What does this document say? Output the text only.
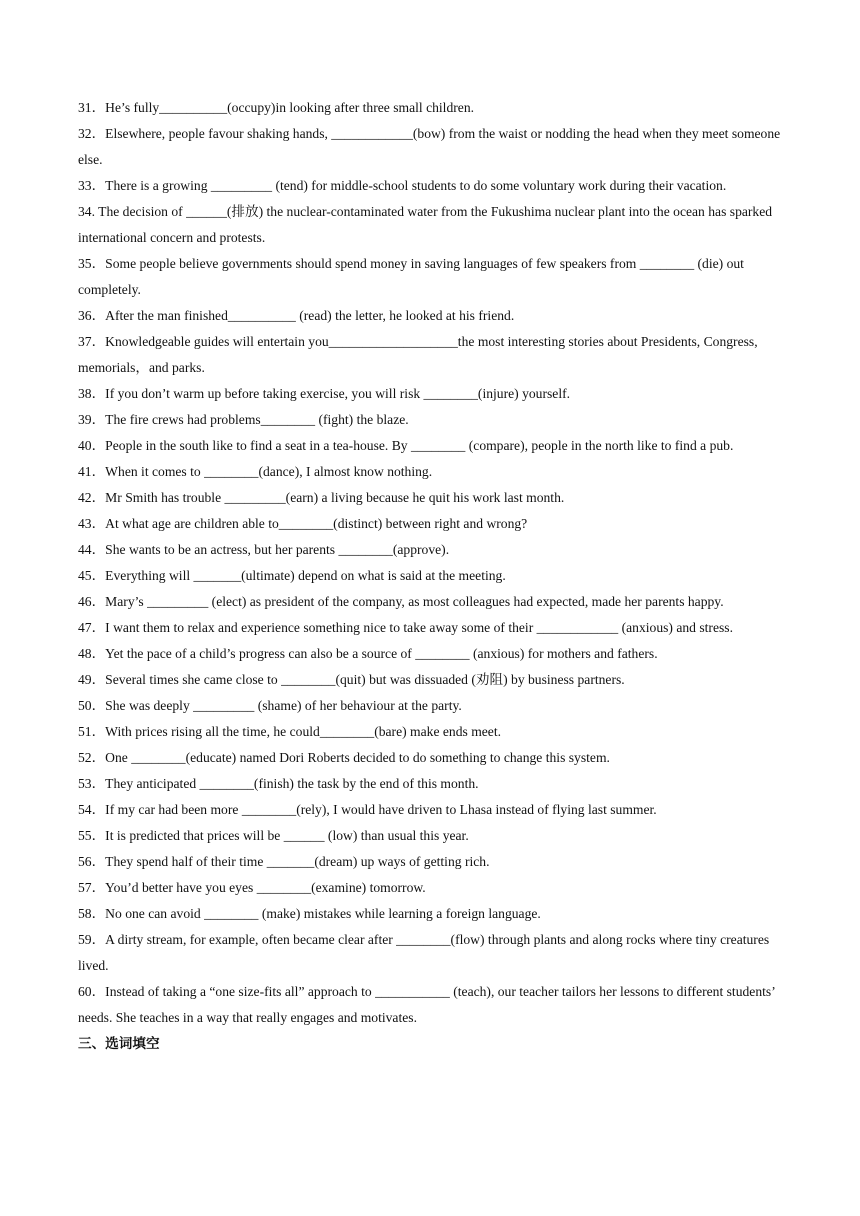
31．He’s fully__________(occupy)in looking after three small children.

32．Elsewhere, people favour shaking hands, ____________(bow) from the waist or nodding the head when they meet someone else.

33．There is a growing _________ (tend) for middle-school students to do some voluntary work during their vacation.

34. The decision of ______(排放) the nuclear-contaminated water from the Fukushima nuclear plant into the ocean has sparked international concern and protests.

35．Some people believe governments should spend money in saving languages of few speakers from ________ (die) out completely.

36．After the man finished__________ (read) the letter, he looked at his friend.

37．Knowledgeable guides will entertain you___________________the most interesting stories about Presidents, Congress, memorials，and parks.

38．If you don’t warm up before taking exercise, you will risk ________(injure) yourself.

39．The fire crews had problems________ (fight) the blaze.

40．People in the south like to find a seat in a tea-house. By ________ (compare), people in the north like to find a pub.

41．When it comes to ________(dance), I almost know nothing.

42．Mr Smith has trouble _________(earn) a living because he quit his work last month.

43．At what age are children able to________(distinct) between right and wrong?

44．She wants to be an actress, but her parents ________(approve).

45．Everything will _______(ultimate) depend on what is said at the meeting.

46．Mary’s _________ (elect) as president of the company, as most colleagues had expected, made her parents happy.

47．I want them to relax and experience something nice to take away some of their ____________ (anxious) and stress.

48．Yet the pace of a child’s progress can also be a source of ________ (anxious) for mothers and fathers.

49．Several times she came close to ________(quit) but was dissuaded (劝阻) by business partners.

50．She was deeply _________ (shame) of her behaviour at the party.

51．With prices rising all the time, he could________(bare) make ends meet.

52．One ________(educate) named Dori Roberts decided to do something to change this system.

53．They anticipated ________(finish) the task by the end of this month.

54．If my car had been more ________(rely), I would have driven to Lhasa instead of flying last summer.

55．It is predicted that prices will be ______ (low) than usual this year.

56．They spend half of their time _______(dream) up ways of getting rich.

57．You’d better have you eyes ________(examine) tomorrow.

58．No one can avoid ________ (make) mistakes while learning a foreign language.

59．A dirty stream, for example, often became clear after ________(flow) through plants and along rocks where tiny creatures lived.

60．Instead of taking a “one size-fits all” approach to ___________ (teach), our teacher tailors her lessons to different students’ needs. She teaches in a way that really engages and motivates.

三、选词填空
